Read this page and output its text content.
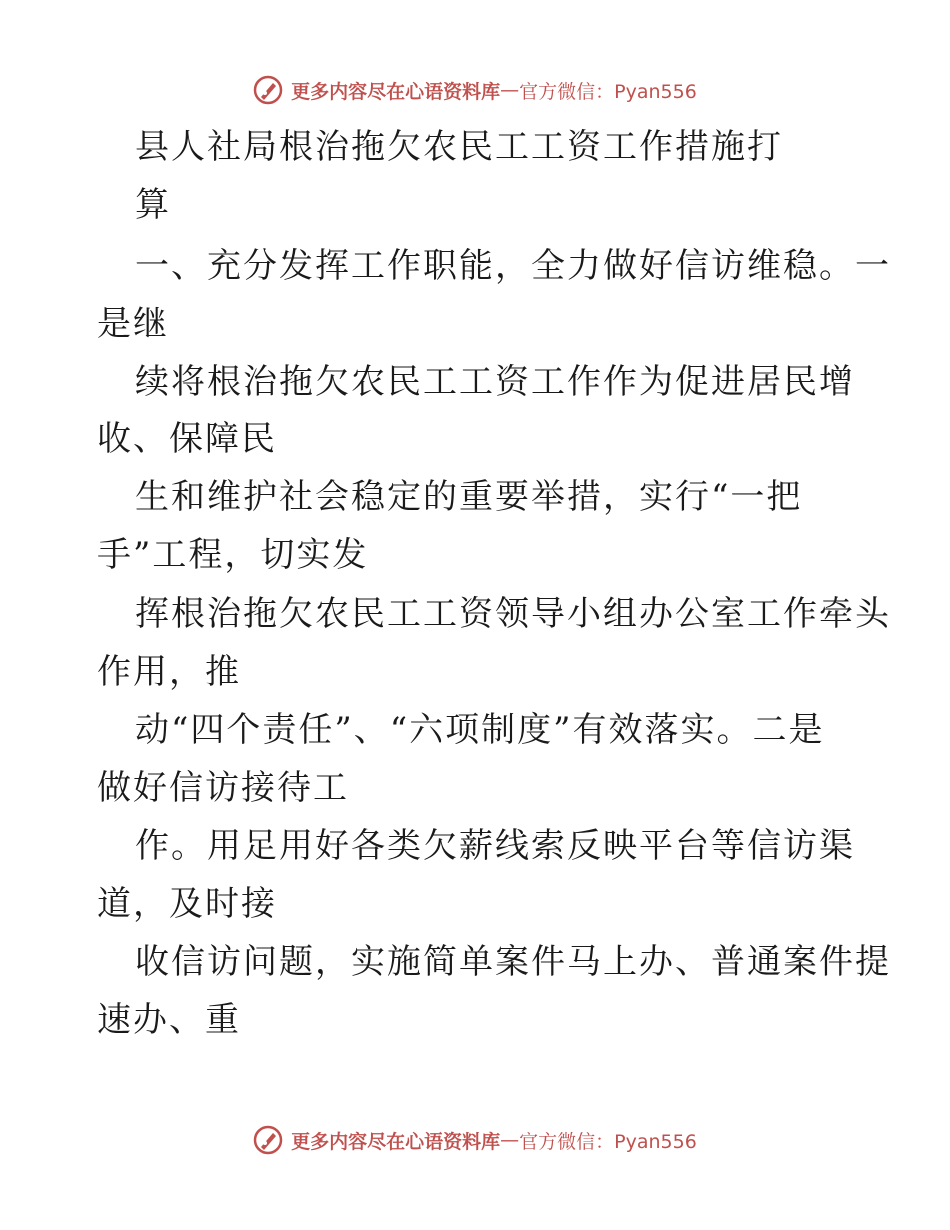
更多内容尽在心语资料库 — 官方微信：Pyan556
县人社局根治拖欠农民工工资工作措施打
算
一、充分发挥工作职能，全力做好信访维稳。一
是继
续将根治拖欠农民工工资工作作为促进居民增
收、保障民
生和维护社会稳定的重要举措，实行“一把
手”工程，切实发
挥根治拖欠农民工工资领导小组办公室工作牵头
作用，推
动“四个责任”、“六项制度”有效落实。二是
做好信访接待工
作。用足用好各类欠薪线索反映平台等信访渠
道，及时接
收信访问题，实施简单案件马上办、普通案件提
速办、重
更多内容尽在心语资料库 — 官方微信：Pyan556
